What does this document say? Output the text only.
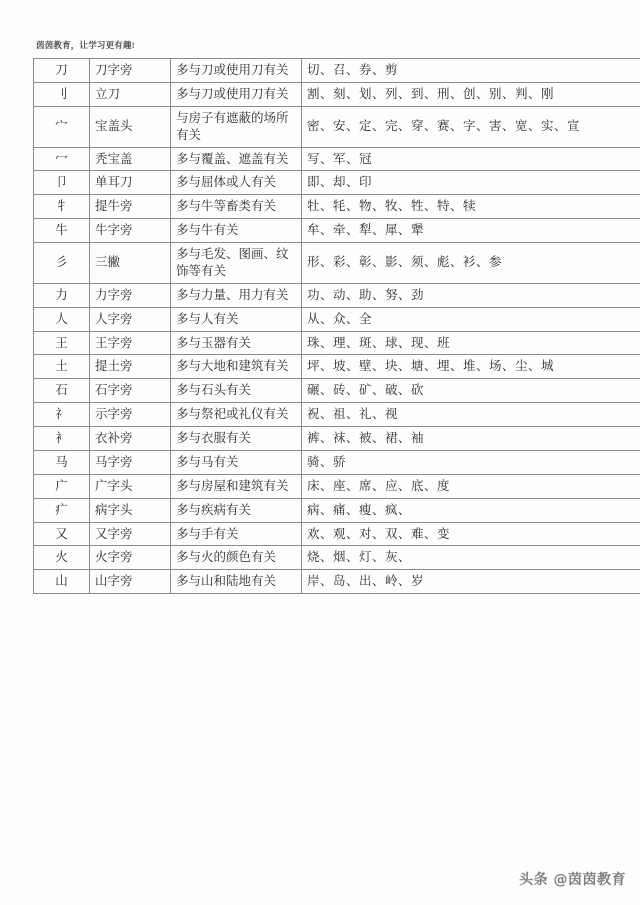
茵茵教育，让学习更有趣!
刀	刀字旁	多与刀或使用刀有关	切、召、券、剪
刂	立刀	多与刀或使用刀有关	割、刻、划、列、到、刑、创、别、判、刚
宀	宝盖头	与房子有遮蔽的场所有关	密、安、定、完、穿、赛、字、害、宽、实、宣
冖	秃宝盖	多与覆盖、遮盖有关	写、军、冠
卩	单耳刀	多与屈体或人有关	即、却、印
牜	提牛旁	多与牛等畜类有关	牡、牦、物、牧、牲、特、犊
牛	牛字旁	多与牛有关	牟、牵、犁、犀、犟
彡	三撇	多与毛发、图画、纹饰等有关	形、彩、彰、影、须、彪、衫、参
力	力字旁	多与力量、用力有关	功、动、助、努、劲
人	人字旁	多与人有关	从、众、全
王	王字旁	多与玉器有关	珠、理、斑、球、现、班
土	提土旁	多与大地和建筑有关	坪、坡、壁、块、塘、埋、堆、场、尘、城
石	石字旁	多与石头有关	碾、砖、矿、破、砍
礻	示字旁	多与祭祀或礼仪有关	祝、祖、礼、视
衤	衣补旁	多与衣服有关	裤、袜、被、裙、袖
马	马字旁	多与马有关	骑、骄
广	广字头	多与房屋和建筑有关	床、座、席、应、底、度
疒	病字头	多与疾病有关	病、痛、瘦、疯、
又	又字旁	多与手有关	欢、观、对、双、难、变
火	火字旁	多与火的颜色有关	烧、烟、灯、灰、
山	山字旁	多与山和陆地有关	岸、岛、出、岭、岁
头条 @茵茵教育
